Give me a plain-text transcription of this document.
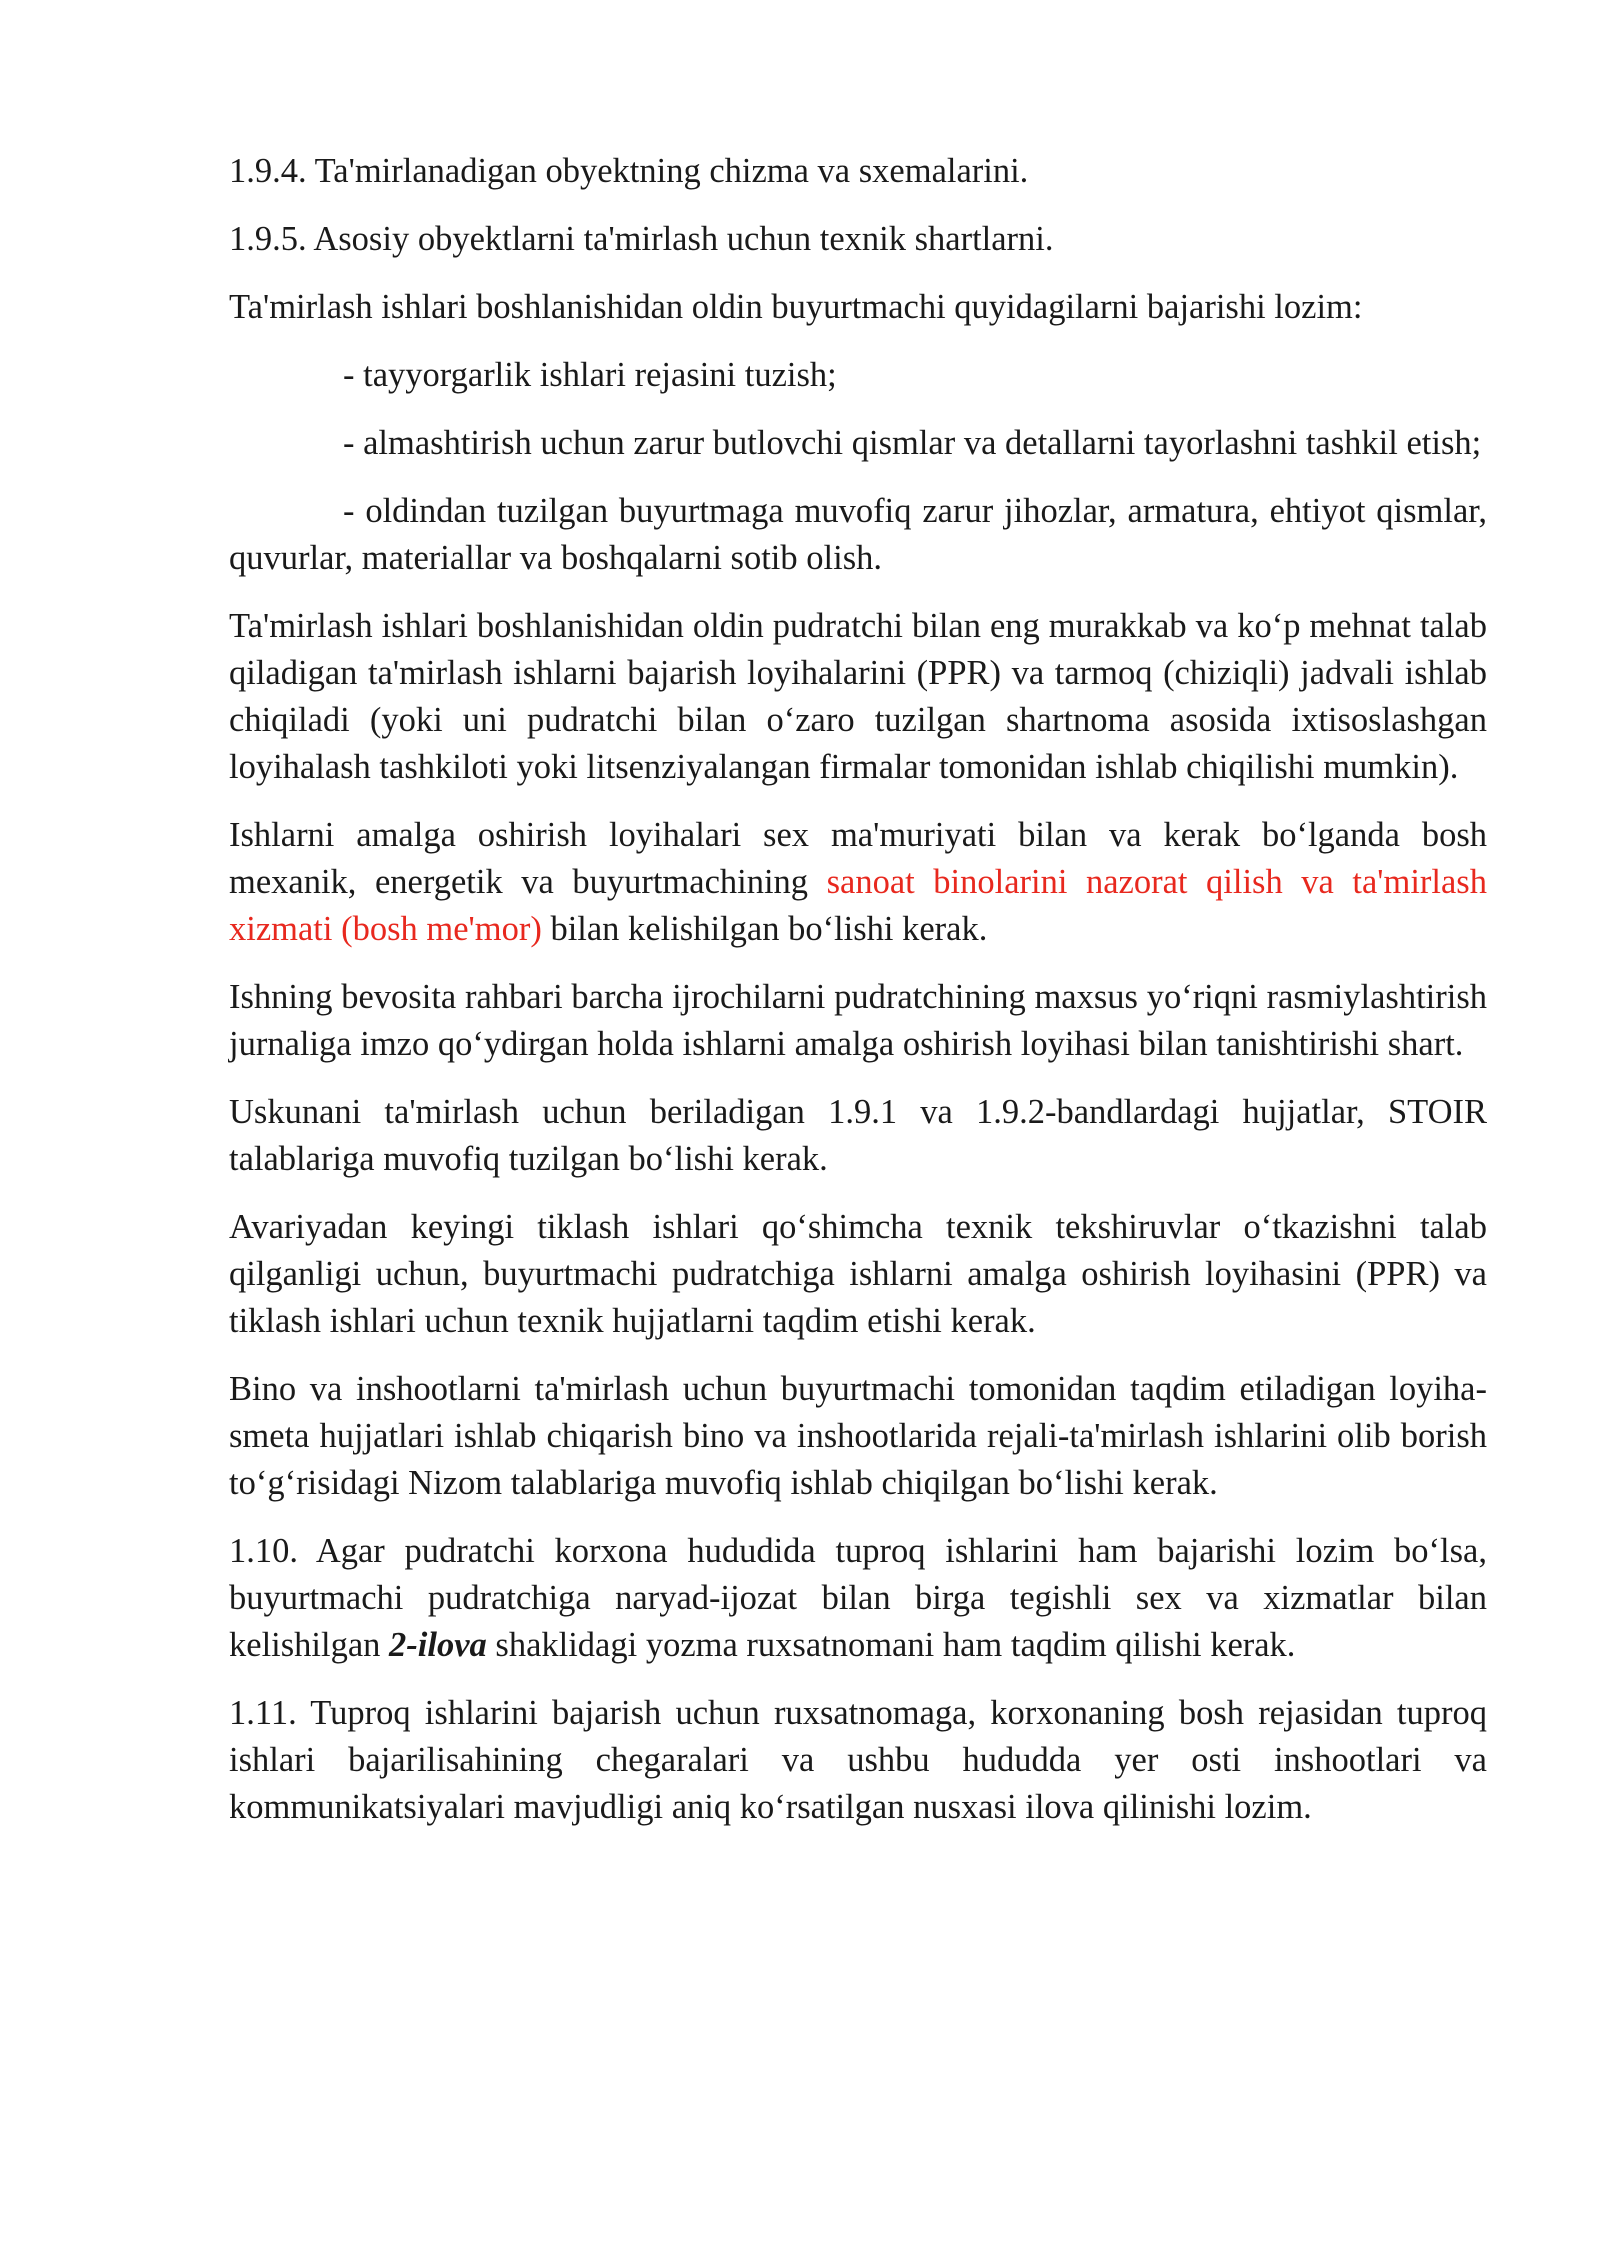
1.9.4. Ta'mirlanadigan obyektning chizma va sxemalarini.

1.9.5. Asosiy obyektlarni ta'mirlash uchun texnik shartlarni.

Ta'mirlash ishlari boshlanishidan oldin buyurtmachi quyidagilarni bajarishi lozim:

- tayyorgarlik ishlari rejasini tuzish;

- almashtirish uchun zarur butlovchi qismlar va detallarni tayorlashni tashkil etish;

- oldindan tuzilgan buyurtmaga muvofiq zarur jihozlar, armatura, ehtiyot qismlar, quvurlar, materiallar va boshqalarni sotib olish.

Ta'mirlash ishlari boshlanishidan oldin pudratchi bilan eng murakkab va ko‘p mehnat talab qiladigan ta'mirlash ishlarni bajarish loyihalarini (PPR) va tarmoq (chiziqli) jadvali ishlab chiqiladi (yoki uni pudratchi bilan o‘zaro tuzilgan shartnoma asosida ixtisoslashgan loyihalash tashkiloti yoki litsenziyalangan firmalar tomonidan ishlab chiqilishi mumkin).

Ishlarni amalga oshirish loyihalari sex ma'muriyati bilan va kerak bo‘lganda bosh mexanik, energetik va buyurtmachining sanoat binolarini nazorat qilish va ta'mirlash xizmati (bosh me'mor) bilan kelishilgan bo‘lishi kerak.

Ishning bevosita rahbari barcha ijrochilarni pudratchining maxsus yo‘riqni rasmiylashtirish jurnaliga imzo qo‘ydirgan holda ishlarni amalga oshirish loyihasi bilan tanishtirishi shart.

Uskunani ta'mirlash uchun beriladigan 1.9.1 va 1.9.2-bandlardagi hujjatlar, STOIR talablariga muvofiq tuzilgan bo‘lishi kerak.

Avariyadan keyingi tiklash ishlari qo‘shimcha texnik tekshiruvlar o‘tkazishni talab qilganligi uchun, buyurtmachi pudratchiga ishlarni amalga oshirish loyihasini (PPR) va tiklash ishlari uchun texnik hujjatlarni taqdim etishi kerak.

Bino va inshootlarni ta'mirlash uchun buyurtmachi tomonidan taqdim etiladigan loyiha-smeta hujjatlari ishlab chiqarish bino va inshootlarida rejali-ta'mirlash ishlarini olib borish to‘g‘risidagi Nizom talablariga muvofiq ishlab chiqilgan bo‘lishi kerak.

1.10. Agar pudratchi korxona hududida tuproq ishlarini ham bajarishi lozim bo‘lsa, buyurtmachi pudratchiga naryad-ijozat bilan birga tegishli sex va xizmatlar bilan kelishilgan 2-ilova shaklidagi yozma ruxsatnomani ham taqdim qilishi kerak.

1.11. Tuproq ishlarini bajarish uchun ruxsatnomaga, korxonaning bosh rejasidan tuproq ishlari bajarilisahining chegaralari va ushbu hududda yer osti inshootlari va kommunikatsiyalari mavjudligi aniq ko‘rsatilgan nusxasi ilova qilinishi lozim.
